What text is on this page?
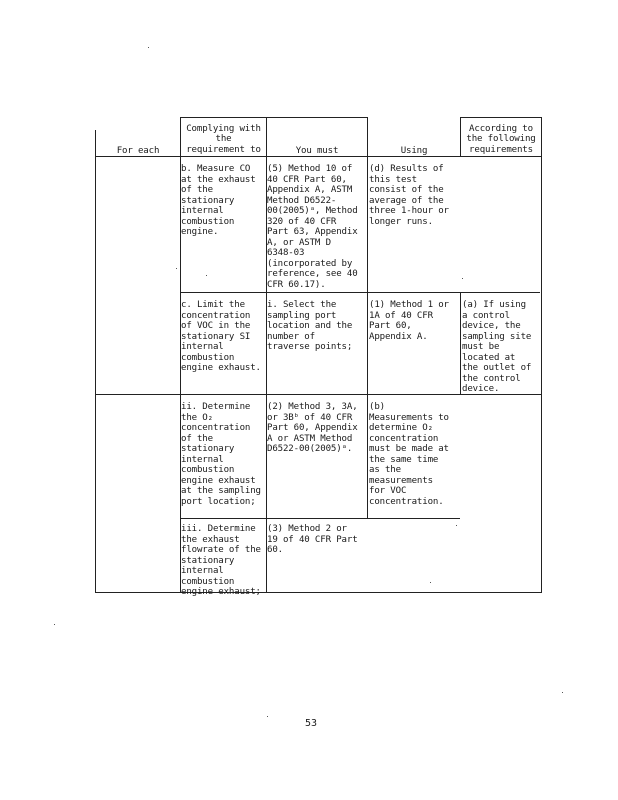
For each
Complying with
the
requirement to	You must	Using
According to
the following
requirements
b. Measure CO
at the exhaust
of the
stationary
internal
combustion
engine.
(5) Method 10 of
40 CFR Part 60,
Appendix A, ASTM
Method D6522-
00(2005)ᵃ, Method
320 of 40 CFR
Part 63, Appendix
A, or ASTM D
6348-03
(incorporated by
reference, see 40
CFR 60.17).
(d) Results of
this test
consist of the
average of the
three 1-hour or
longer runs.
c. Limit the
concentration
of VOC in the
stationary SI
internal
combustion
engine exhaust.
i. Select the
sampling port
location and the
number of
traverse points;
(1) Method 1 or
1A of 40 CFR
Part 60,
Appendix A.
(a) If using
a control
device, the
sampling site
must be
located at
the outlet of
the control
device.
ii. Determine
the O₂
concentration
of the
stationary
internal
combustion
engine exhaust
at the sampling
port location;
(2) Method 3, 3A,
or 3Bᵇ of 40 CFR
Part 60, Appendix
A or ASTM Method
D6522-00(2005)ᵃ.
(b)
Measurements to
determine O₂
concentration
must be made at
the same time
as the
measurements
for VOC
concentration.
iii. Determine
the exhaust
flowrate of the
stationary
internal
combustion
engine exhaust;
(3) Method 2 or
19 of 40 CFR Part
60.
53
